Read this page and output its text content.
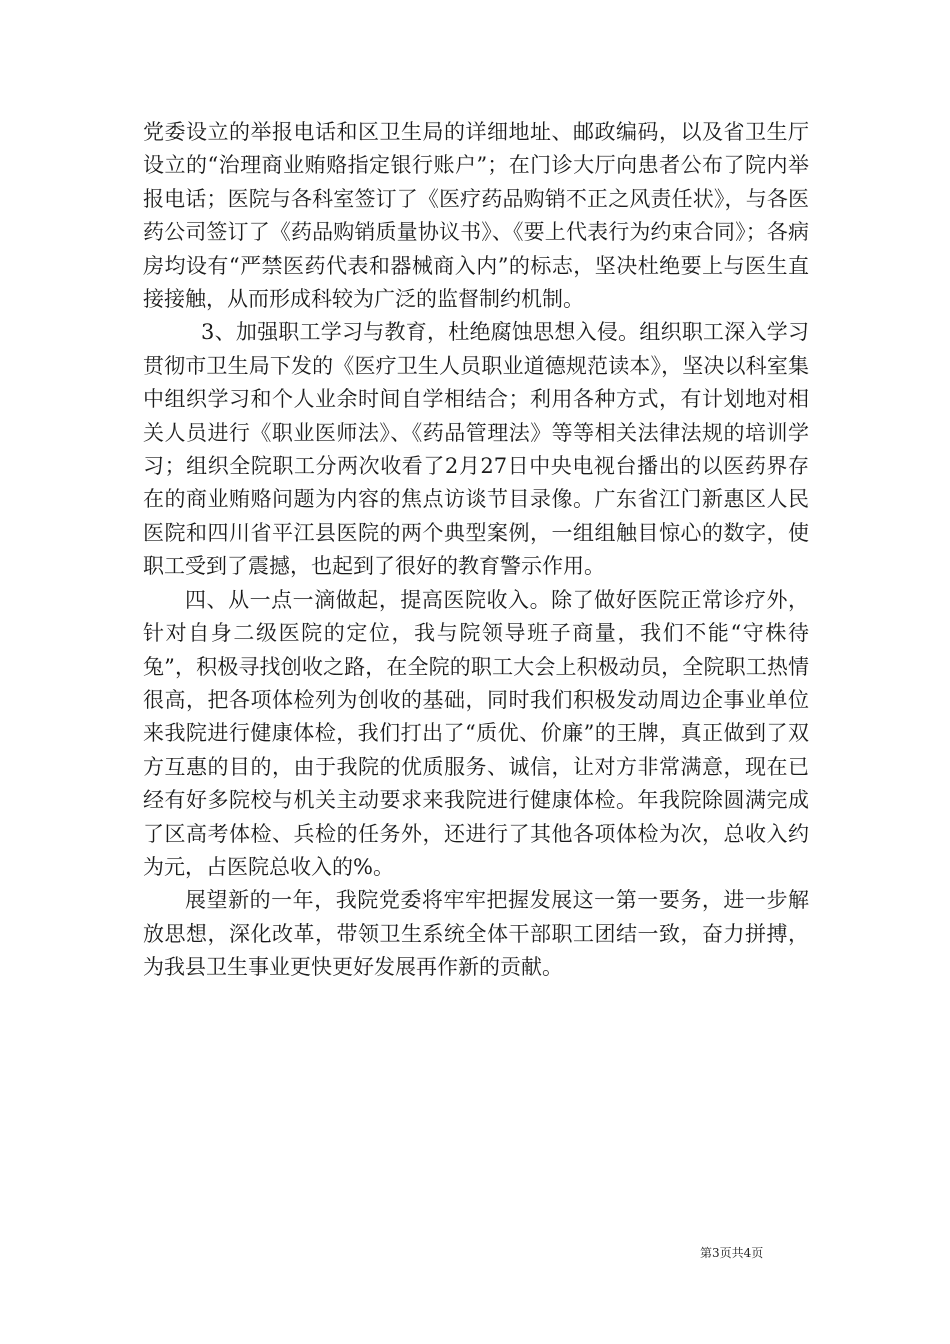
党委设立的举报电话和区卫生局的详细地址、邮政编码，以及省卫生厅设立的“治理商业贿赂指定银行账户”；在门诊大厅向患者公布了院内举报电话；医院与各科室签订了《医疗药品购销不正之风责任状》，与各医药公司签订了《药品购销质量协议书》、《要上代表行为约束合同》；各病房均设有“严禁医药代表和器械商入内”的标志，坚决杜绝要上与医生直接接触，从而形成科较为广泛的监督制约机制。

3、加强职工学习与教育，杜绝腐蚀思想入侵。组织职工深入学习贯彻市卫生局下发的《医疗卫生人员职业道德规范读本》，坚决以科室集中组织学习和个人业余时间自学相结合；利用各种方式，有计划地对相关人员进行《职业医师法》、《药品管理法》等等相关法律法规的培训学习；组织全院职工分两次收看了2月27日中央电视台播出的以医药界存在的商业贿赂问题为内容的焦点访谈节目录像。广东省江门新惠区人民医院和四川省平江县医院的两个典型案例，一组组触目惊心的数字，使职工受到了震撼，也起到了很好的教育警示作用。

四、从一点一滴做起，提高医院收入。除了做好医院正常诊疗外，针对自身二级医院的定位，我与院领导班子商量，我们不能“守株待兔”，积极寻找创收之路，在全院的职工大会上积极动员，全院职工热情很高，把各项体检列为创收的基础，同时我们积极发动周边企事业单位来我院进行健康体检，我们打出了“质优、价廉”的王牌，真正做到了双方互惠的目的，由于我院的优质服务、诚信，让对方非常满意，现在已经有好多院校与机关主动要求来我院进行健康体检。年我院除圆满完成了区高考体检、兵检的任务外，还进行了其他各项体检为次，总收入约为元，占医院总收入的%。

展望新的一年，我院党委将牢牢把握发展这一第一要务，进一步解放思想，深化改革，带领卫生系统全体干部职工团结一致，奋力拼搏，为我县卫生事业更快更好发展再作新的贡献。

第3页共4页
